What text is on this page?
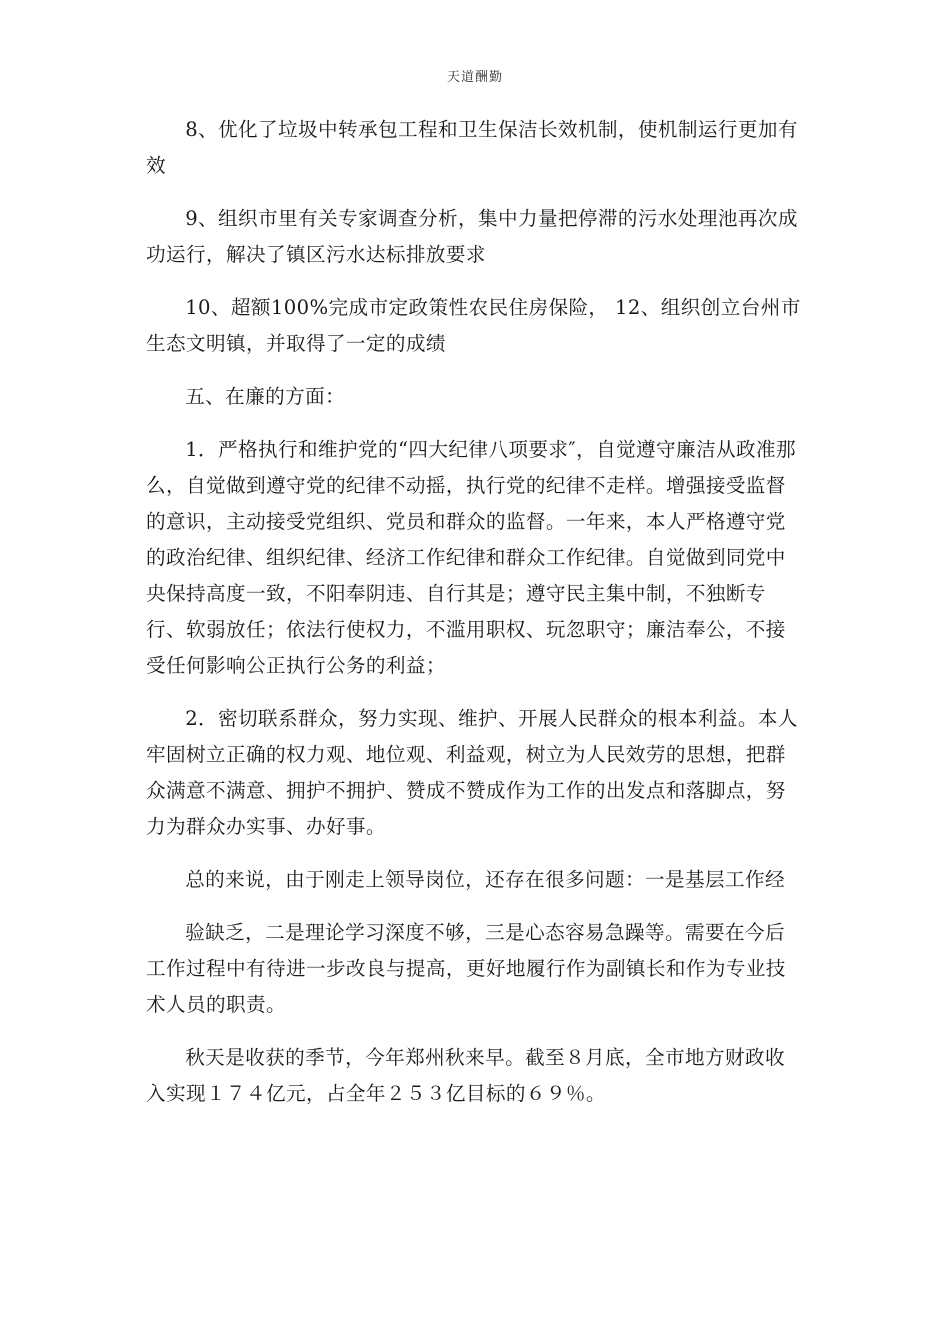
天道酬勤

8、优化了垃圾中转承包工程和卫生保洁长效机制，使机制运行更加有效

9、组织市里有关专家调查分析，集中力量把停滞的污水处理池再次成功运行，解决了镇区污水达标排放要求

10、超额100%完成市定政策性农民住房保险， 12、组织创立台州市生态文明镇，并取得了一定的成绩

五、在廉的方面：

1．严格执行和维护党的“四大纪律八项要求″，自觉遵守廉洁从政准那么，自觉做到遵守党的纪律不动摇，执行党的纪律不走样。增强接受监督的意识，主动接受党组织、党员和群众的监督。一年来，本人严格遵守党的政治纪律、组织纪律、经济工作纪律和群众工作纪律。自觉做到同党中央保持高度一致，不阳奉阴违、自行其是；遵守民主集中制，不独断专行、软弱放任；依法行使权力，不滥用职权、玩忽职守；廉洁奉公，不接受任何影响公正执行公务的利益；

2．密切联系群众，努力实现、维护、开展人民群众的根本利益。本人牢固树立正确的权力观、地位观、利益观，树立为人民效劳的思想，把群众满意不满意、拥护不拥护、赞成不赞成作为工作的出发点和落脚点，努力为群众办实事、办好事。

总的来说，由于刚走上领导岗位，还存在很多问题：一是基层工作经

验缺乏，二是理论学习深度不够，三是心态容易急躁等。需要在今后工作过程中有待进一步改良与提高，更好地履行作为副镇长和作为专业技术人员的职责。

秋天是收获的季节，今年郑州秋来早。截至８月底，全市地方财政收入实现１７４亿元，占全年２５３亿目标的６９％。
